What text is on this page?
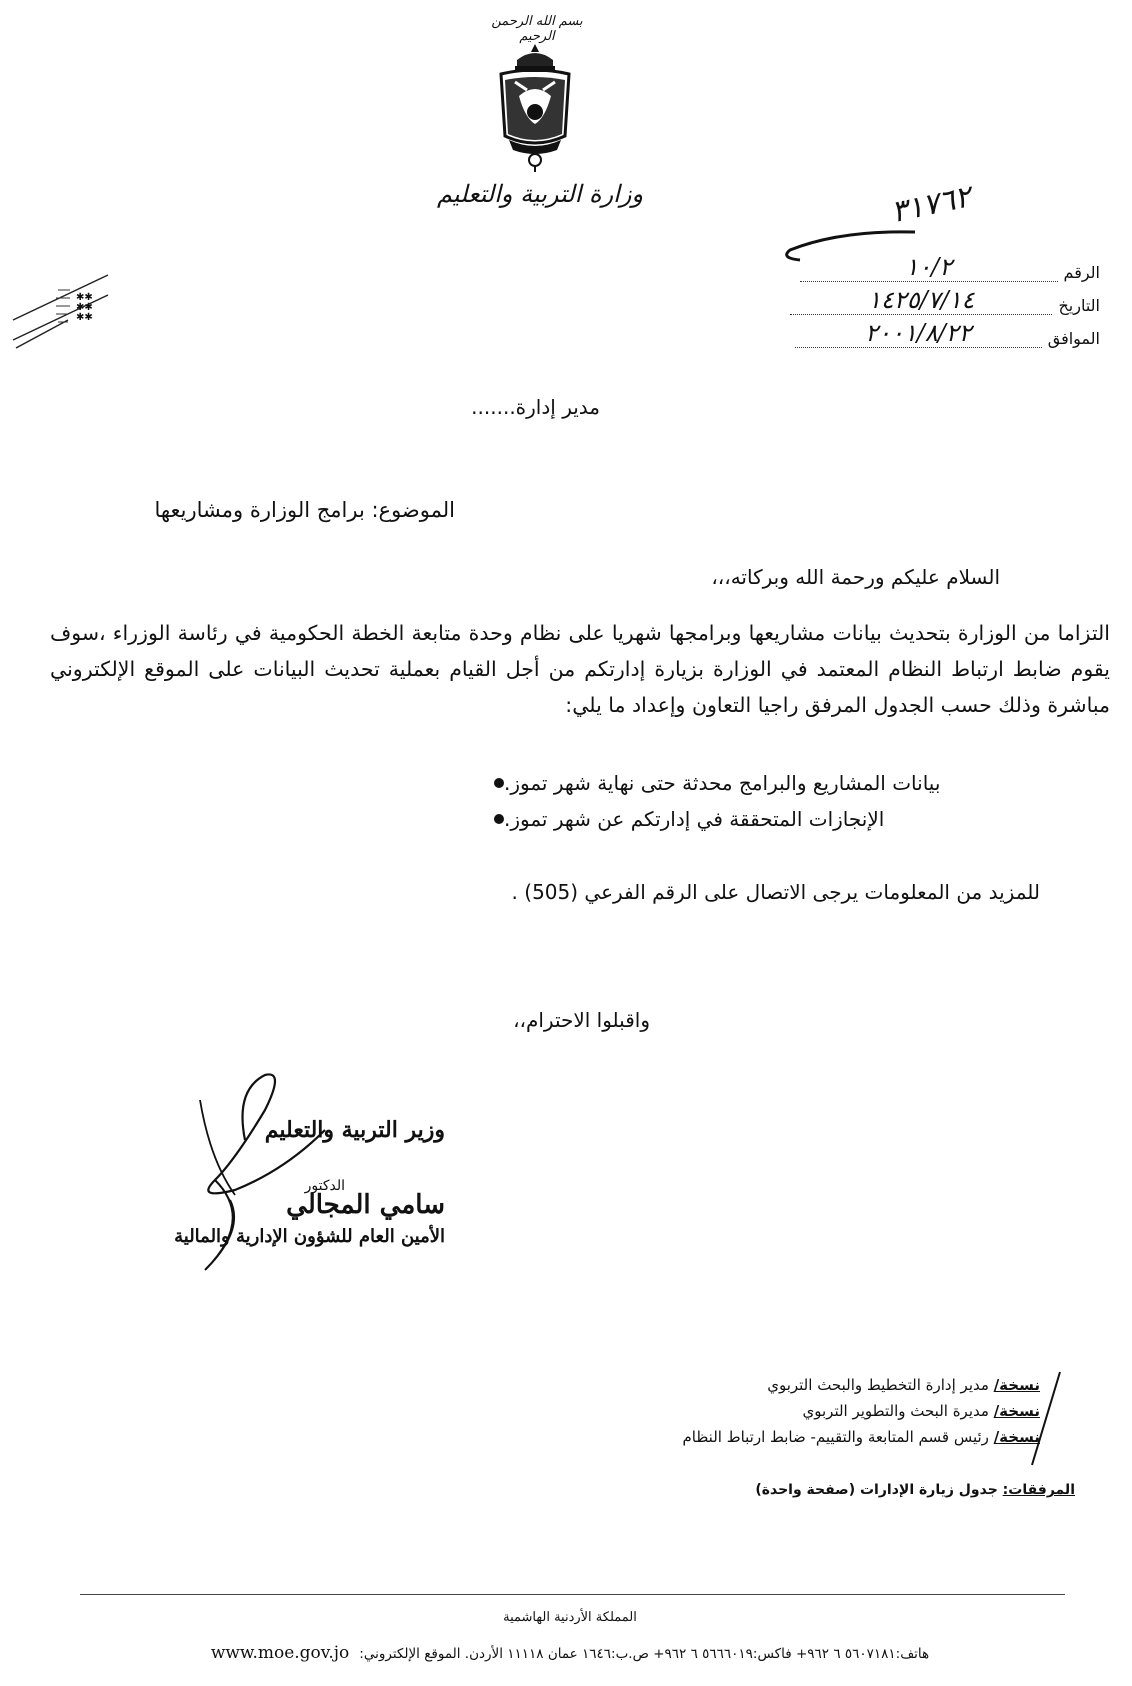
بسم الله الرحمن الرحيم
وزارة التربية والتعليم
✱✱
✱✱
✱✱
٣١٧٦٢
الرقم
١٠/٢
التاريخ
١٤٢٥/٧/١٤
الموافق
٢٠٠١/٨/٢٢
مدير إدارة.......
الموضوع: برامج الوزارة ومشاريعها
السلام عليكم ورحمة الله وبركاته،،،
التزاما من الوزارة بتحديث بيانات مشاريعها وبرامجها شهريا على نظام وحدة متابعة الخطة الحكومية في رئاسة الوزراء ،سوف يقوم ضابط ارتباط النظام المعتمد في الوزارة بزيارة إدارتكم من أجل القيام بعملية تحديث البيانات على الموقع الإلكتروني مباشرة وذلك حسب الجدول المرفق راجيا التعاون وإعداد ما يلي:
بيانات المشاريع والبرامج محدثة حتى نهاية شهر تموز.
الإنجازات المتحققة في إدارتكم عن شهر تموز.
للمزيد من المعلومات يرجى الاتصال على الرقم الفرعي (505) .
واقبلوا الاحترام،،
وزير التربية والتعليم
الدكتور
سامي المجالي
الأمين العام للشؤون الإدارية والمالية
نسخة/ مدير إدارة التخطيط والبحث التربوي
نسخة/ مديرة البحث والتطوير التربوي
نسخة/ رئيس قسم المتابعة والتقييم- ضابط ارتباط النظام
المرفقات: جدول زيارة الإدارات (صفحة واحدة)
المملكة الأردنية الهاشمية
هاتف:٥٦٠٧١٨١ ٦ ٩٦٢+ فاكس:٥٦٦٦٠١٩ ٦ ٩٦٢+ ص.ب:١٦٤٦ عمان ١١١١٨ الأردن. الموقع الإلكتروني:
www.moe.gov.jo
